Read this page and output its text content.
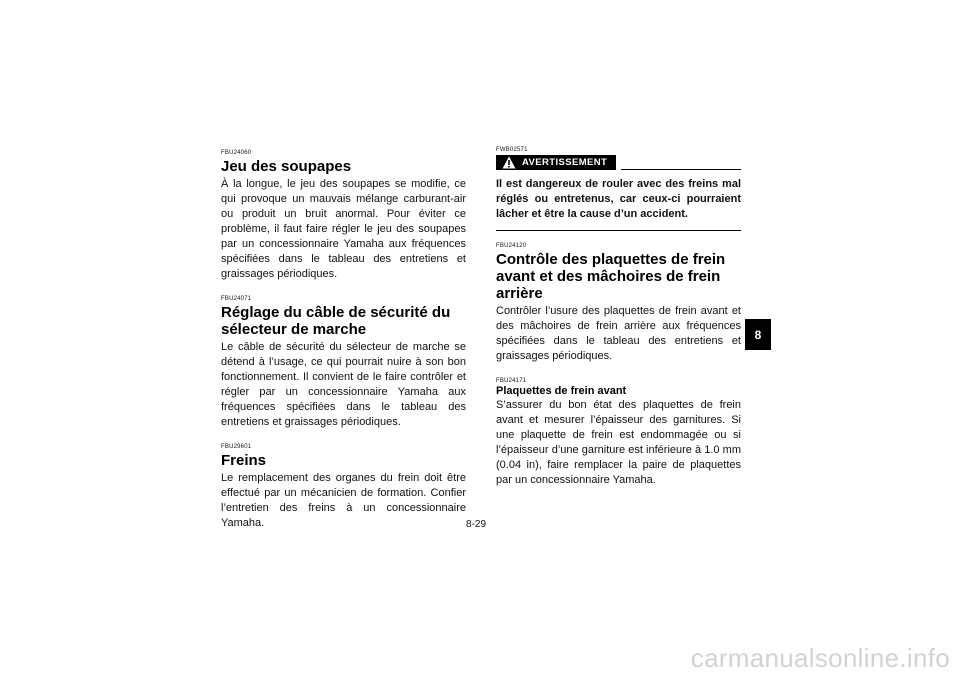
FBU24060
Jeu des soupapes

À la longue, le jeu des soupapes se modifie, ce qui provoque un mauvais mélange carburant-air ou produit un bruit anormal. Pour éviter ce problème, il faut faire régler le jeu des soupapes par un concessionnaire Yamaha aux fréquences spécifiées dans le tableau des entretiens et graissages périodiques.

FBU24071
Réglage du câble de sécurité du sélecteur de marche

Le câble de sécurité du sélecteur de marche se détend à l’usage, ce qui pourrait nuire à son bon fonctionnement. Il convient de le faire contrôler et régler par un concessionnaire Yamaha aux fréquences spécifiées dans le tableau des entretiens et graissages périodiques.

FBU29601
Freins

Le remplacement des organes du frein doit être effectué par un mécanicien de formation. Confier l’entretien des freins à un concessionnaire Yamaha.

FWB02571
AVERTISSEMENT

Il est dangereux de rouler avec des freins mal réglés ou entretenus, car ceux-ci pourraient lâcher et être la cause d’un accident.

FBU24120
Contrôle des plaquettes de frein avant et des mâchoires de frein arrière

Contrôler l’usure des plaquettes de frein avant et des mâchoires de frein arrière aux fréquences spécifiées dans le tableau des entretiens et graissages périodiques.

FBU24171

Plaquettes de frein avant

S’assurer du bon état des plaquettes de frein avant et mesurer l’épaisseur des garnitures. Si une plaquette de frein est endommagée ou si l’épaisseur d’une garniture est inférieure à 1.0 mm (0.04 in), faire remplacer la paire de plaquettes par un concessionnaire Yamaha.

8
8-29
carmanualsonline.info
